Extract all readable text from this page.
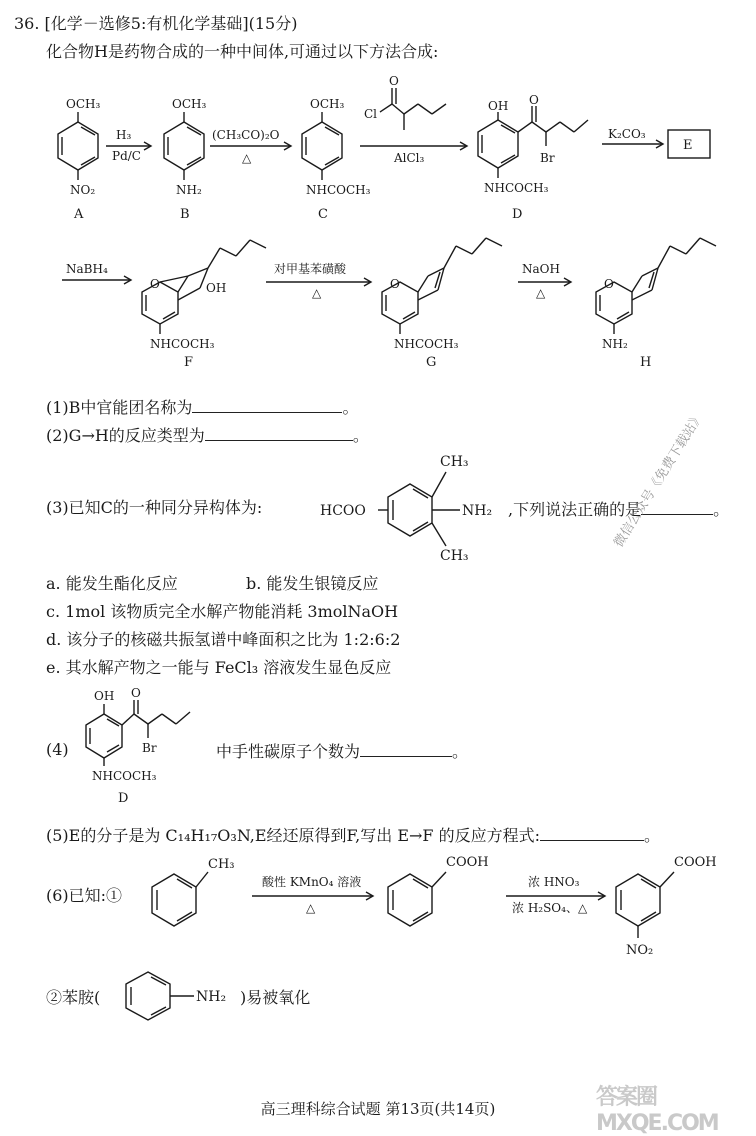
36. [化学－选修5:有机化学基础](15分)
化合物H是药物合成的一种中间体,可通过以下方法合成:
OCH₃
NO₂
A
OCH₃
NH₂
B
OCH₃
NHCOCH₃
C
Cl
O
OH O
Br
NHCOCH₃
D
E
H₃
Pd/C
(CH₃CO)₂O
△	AlCl₃
K₂CO₃
NaBH₄	对甲基苯磺酸
△
NaOH
△
O	OH
NHCOCH₃
F
O
NHCOCH₃
G
O
NH₂
H
HCOO	NH₂
CH₃
CH₃
OH O
Br
NHCOCH₃
D
CH₃	COOH	COOH
NO₂
酸性 KMnO₄ 溶液
△
浓 HNO₃
浓 H₂SO₄、△
NH₂
(1)B中官能团名称为	。
(2)G→H的反应类型为	。
(3)已知C的一种同分异构体为:	,下列说法正确的是	。
a. 能发生酯化反应	b. 能发生银镜反应
c. 1mol 该物质完全水解产物能消耗 3molNaOH
d. 该分子的核磁共振氢谱中峰面积之比为 1:2:6:2
e. 其水解产物之一能与 FeCl₃ 溶液发生显色反应
(4)	中手性碳原子个数为	。
(5)E的分子是为 C₁₄H₁₇O₃N,E经还原得到F,写出 E→F 的反应方程式:	。
(6)已知:①
②苯胺(	)易被氧化
微信公众号《免费下载站》
答案圈 MXQE.COM
高三理科综合试题 第13页(共14页)
